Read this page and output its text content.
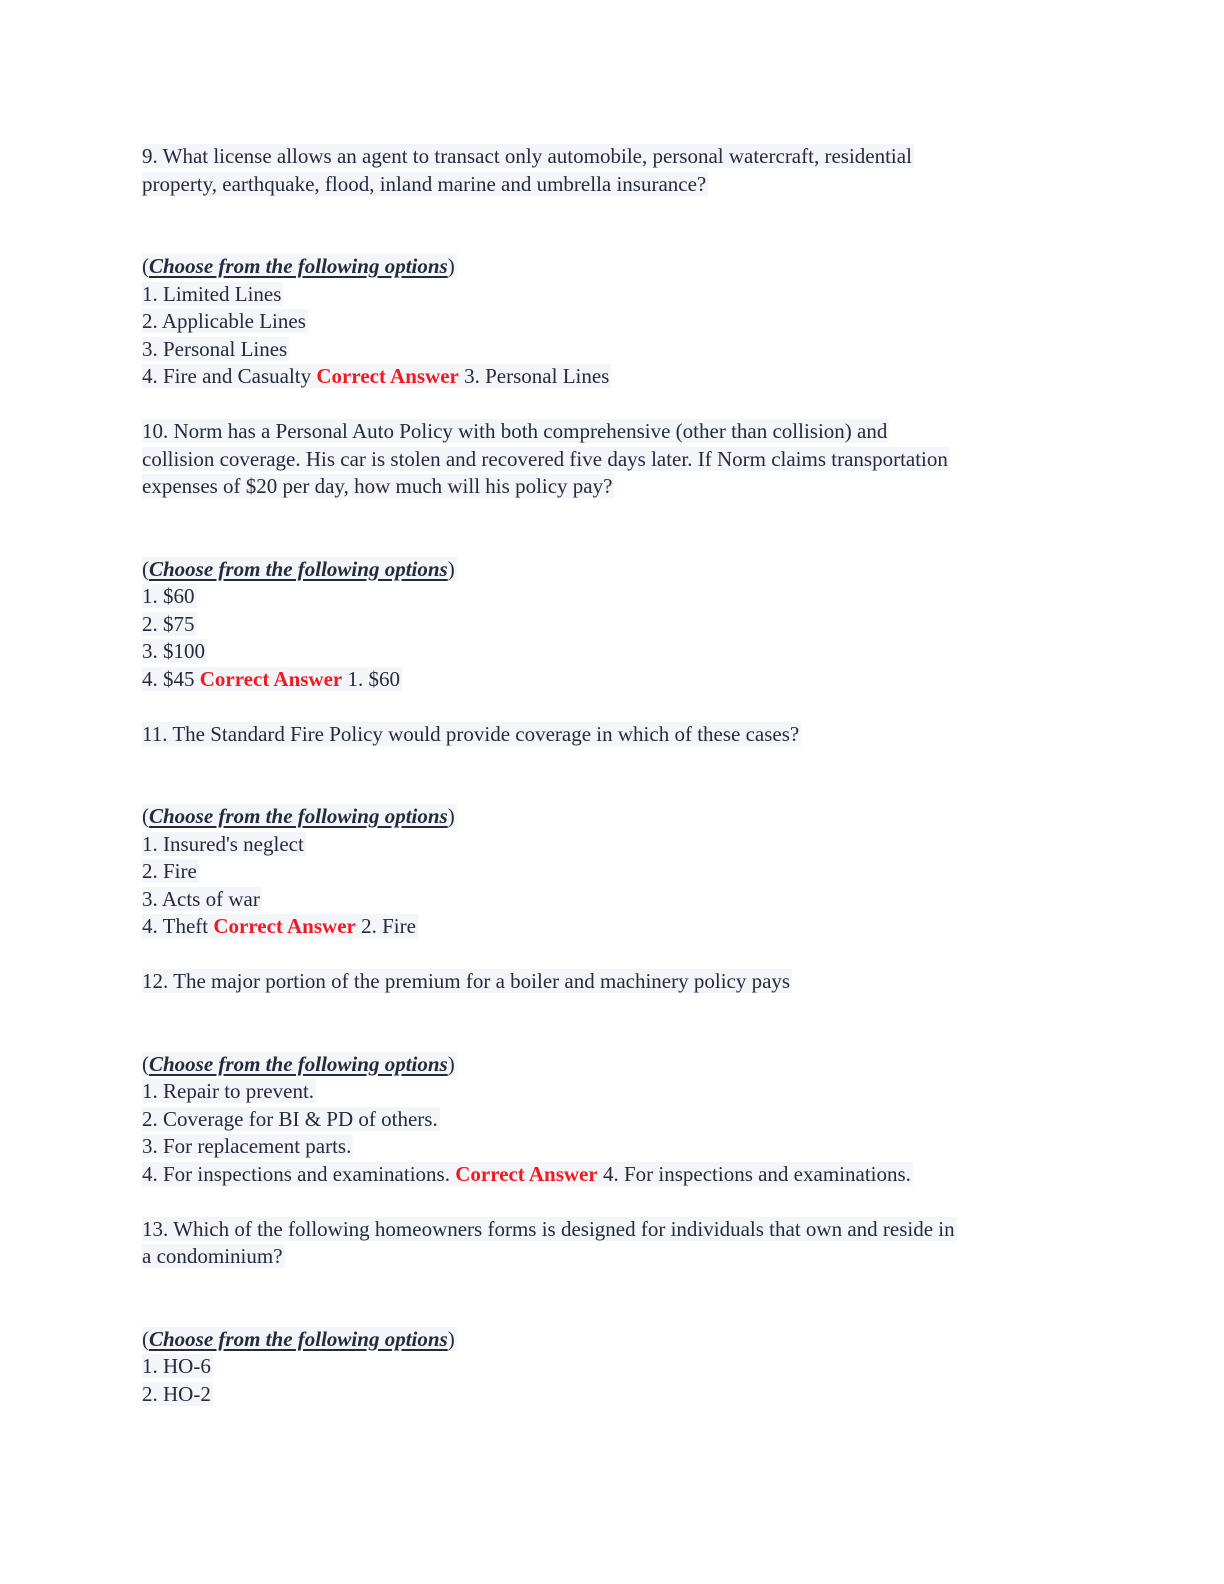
9. What license allows an agent to transact only automobile, personal watercraft, residential
property, earthquake, flood, inland marine and umbrella insurance?
(Choose from the following options)
1. Limited Lines
2. Applicable Lines
3. Personal Lines
4. Fire and Casualty Correct Answer 3. Personal Lines
10. Norm has a Personal Auto Policy with both comprehensive (other than collision) and
collision coverage. His car is stolen and recovered five days later. If Norm claims transportation
expenses of $20 per day, how much will his policy pay?
(Choose from the following options)
1. $60
2. $75
3. $100
4. $45 Correct Answer 1. $60
11. The Standard Fire Policy would provide coverage in which of these cases?
(Choose from the following options)
1. Insured's neglect
2. Fire
3. Acts of war
4. Theft Correct Answer 2. Fire
12. The major portion of the premium for a boiler and machinery policy pays
(Choose from the following options)
1. Repair to prevent.
2. Coverage for BI & PD of others.
3. For replacement parts.
4. For inspections and examinations. Correct Answer 4. For inspections and examinations.
13. Which of the following homeowners forms is designed for individuals that own and reside in
a condominium?
(Choose from the following options)
1. HO-6
2. HO-2
